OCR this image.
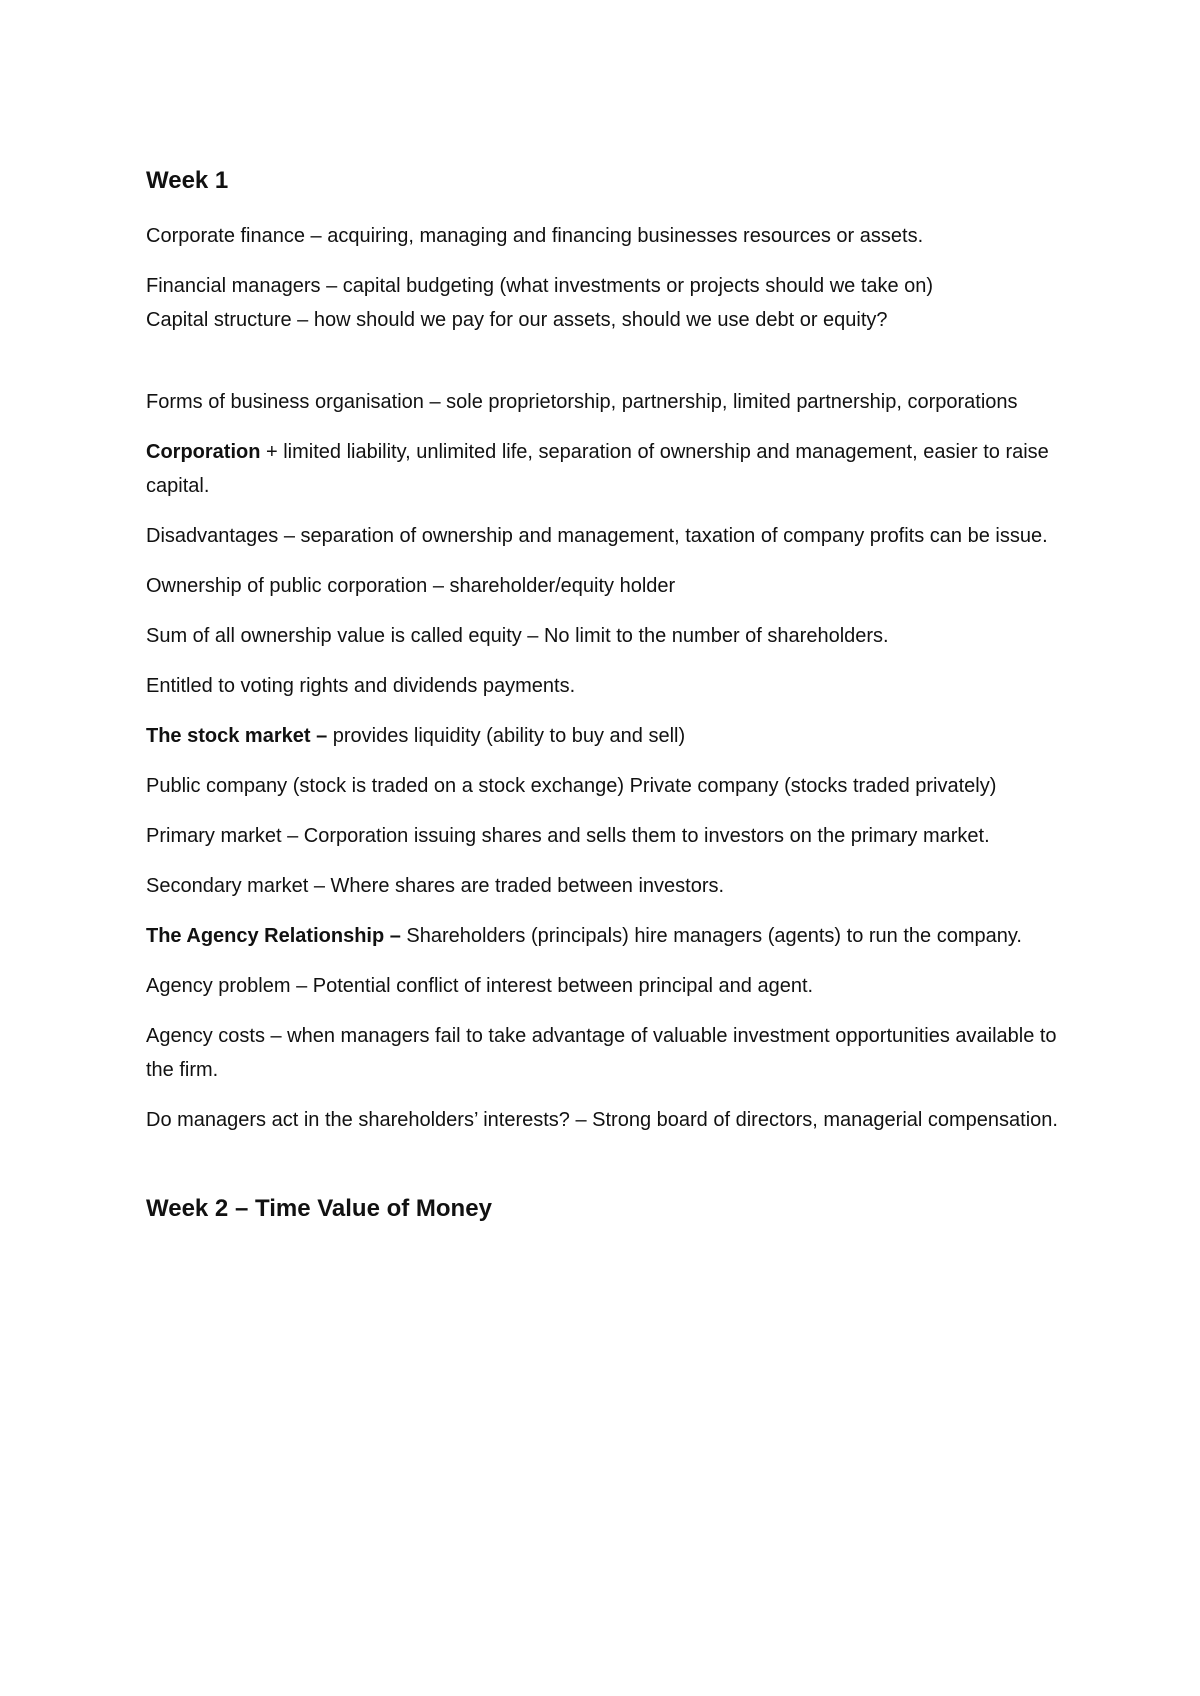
Week 1

Corporate finance – acquiring, managing and financing businesses resources or assets.

Financial managers – capital budgeting (what investments or projects should we take on)

Capital structure – how should we pay for our assets, should we use debt or equity?

Forms of business organisation – sole proprietorship, partnership, limited partnership, corporations

Corporation + limited liability, unlimited life, separation of ownership and management, easier to raise capital.

Disadvantages – separation of ownership and management, taxation of company profits can be issue.

Ownership of public corporation – shareholder/equity holder

Sum of all ownership value is called equity – No limit to the number of shareholders.

Entitled to voting rights and dividends payments.

The stock market – provides liquidity (ability to buy and sell)

Public company (stock is traded on a stock exchange) Private company (stocks traded privately)

Primary market – Corporation issuing shares and sells them to investors on the primary market.

Secondary market – Where shares are traded between investors.

The Agency Relationship – Shareholders (principals) hire managers (agents) to run the company.

Agency problem – Potential conflict of interest between principal and agent.

Agency costs – when managers fail to take advantage of valuable investment opportunities available to the firm.

Do managers act in the shareholders’ interests? – Strong board of directors, managerial compensation.

Week 2 – Time Value of Money
